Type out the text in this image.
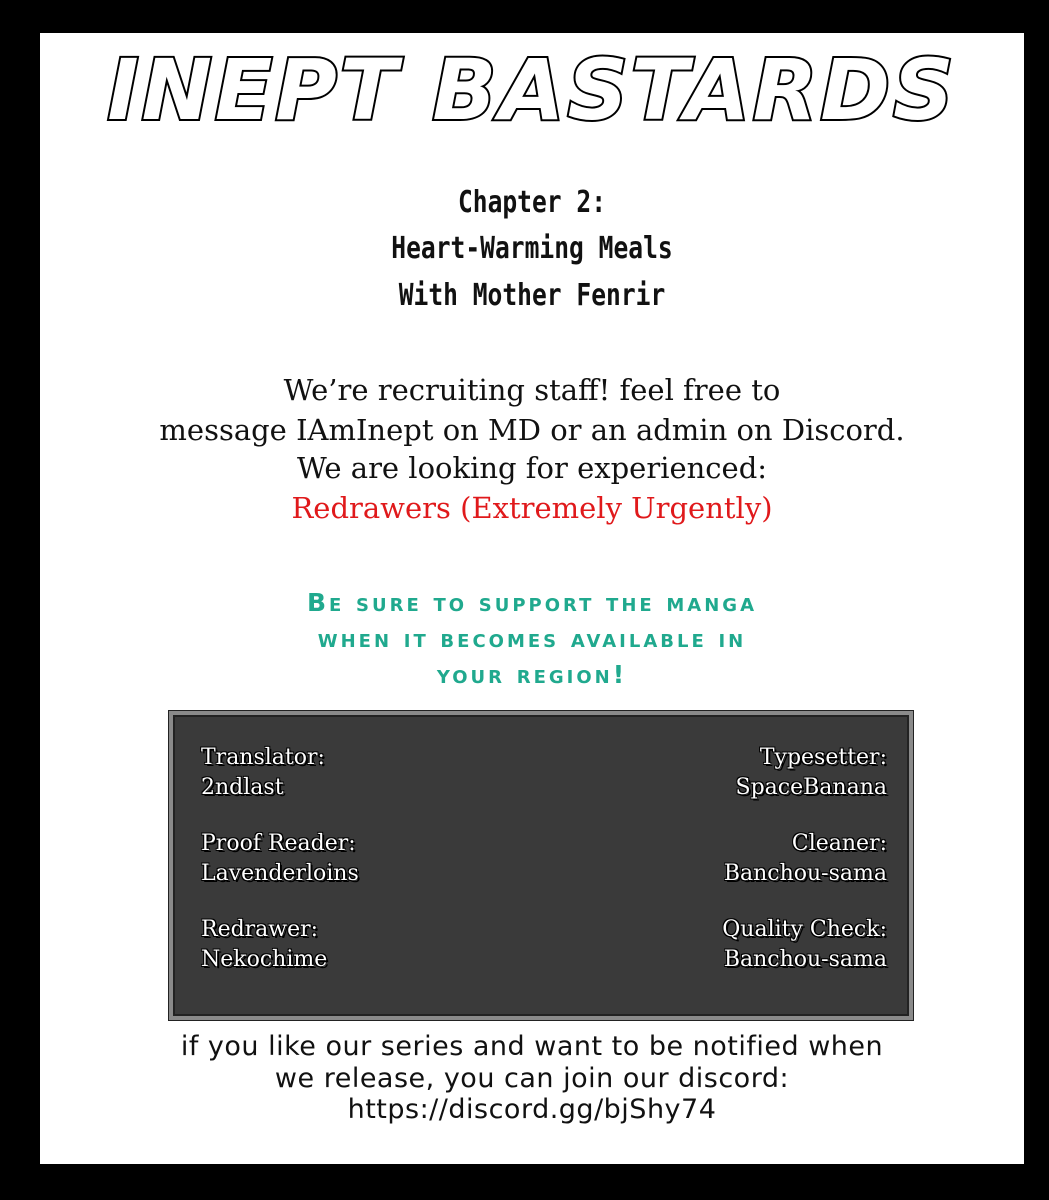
INEPT BASTARDS
Chapter 2:
Heart-Warming Meals
With Mother Fenrir
We’re recruiting staff! feel free to
message IAmInept on MD or an admin on Discord.
We are looking for experienced:
Redrawers (Extremely Urgently)
Be sure to support the manga
when it becomes available in
your region!
Translator:
2ndlast
Typesetter:
SpaceBanana
Proof Reader:
Lavenderloins
Cleaner:
Banchou-sama
Redrawer:
Nekochime
Quality Check:
Banchou-sama
if you like our series and want to be notified when
we release, you can join our discord:
https://discord.gg/bjShy74
